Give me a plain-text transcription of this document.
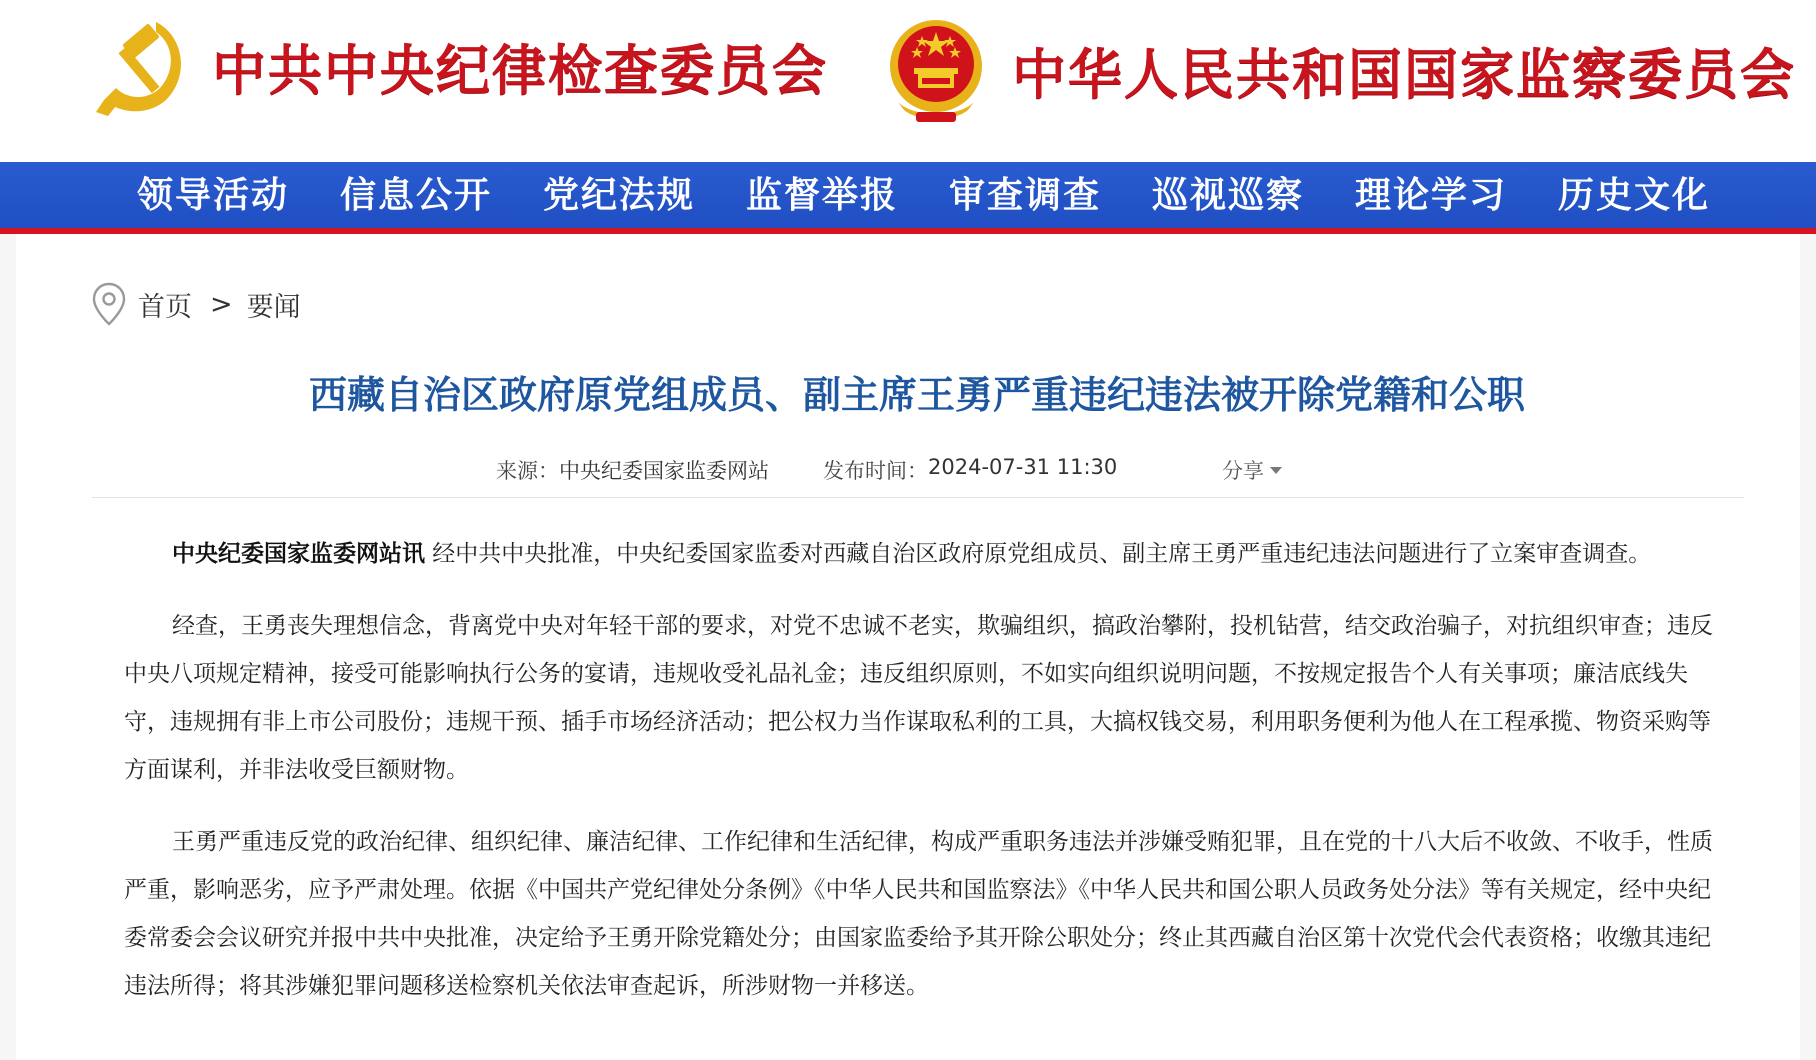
中共中央纪律检查委员会	中华人民共和国国家监察委员会
领导活动	信息公开	党纪法规	监督举报	审查调查	巡视巡察	理论学习	历史文化
首页 > 要闻
西藏自治区政府原党组成员、副主席王勇严重违纪违法被开除党籍和公职
来源： 中央纪委国家监委网站	发布时间： 2024-07-31 11:30	分享

中央纪委国家监委网站讯 经中共中央批准，中央纪委国家监委对西藏自治区政府原党组成员、副主席王勇严重违纪违法问题进行了立案审查调查。

经查，王勇丧失理想信念，背离党中央对年轻干部的要求，对党不忠诚不老实，欺骗组织，搞政治攀附，投机钻营，结交政治骗子，对抗组织审查；违反中央八项规定精神，接受可能影响执行公务的宴请，违规收受礼品礼金；违反组织原则，不如实向组织说明问题，不按规定报告个人有关事项；廉洁底线失守，违规拥有非上市公司股份；违规干预、插手市场经济活动；把公权力当作谋取私利的工具，大搞权钱交易，利用职务便利为他人在工程承揽、物资采购等方面谋利，并非法收受巨额财物。

王勇严重违反党的政治纪律、组织纪律、廉洁纪律、工作纪律和生活纪律，构成严重职务违法并涉嫌受贿犯罪，且在党的十八大后不收敛、不收手，性质严重，影响恶劣，应予严肃处理。依据《中国共产党纪律处分条例》《中华人民共和国监察法》《中华人民共和国公职人员政务处分法》等有关规定，经中央纪委常委会会议研究并报中共中央批准，决定给予王勇开除党籍处分；由国家监委给予其开除公职处分；终止其西藏自治区第十次党代会代表资格；收缴其违纪违法所得；将其涉嫌犯罪问题移送检察机关依法审查起诉，所涉财物一并移送。
